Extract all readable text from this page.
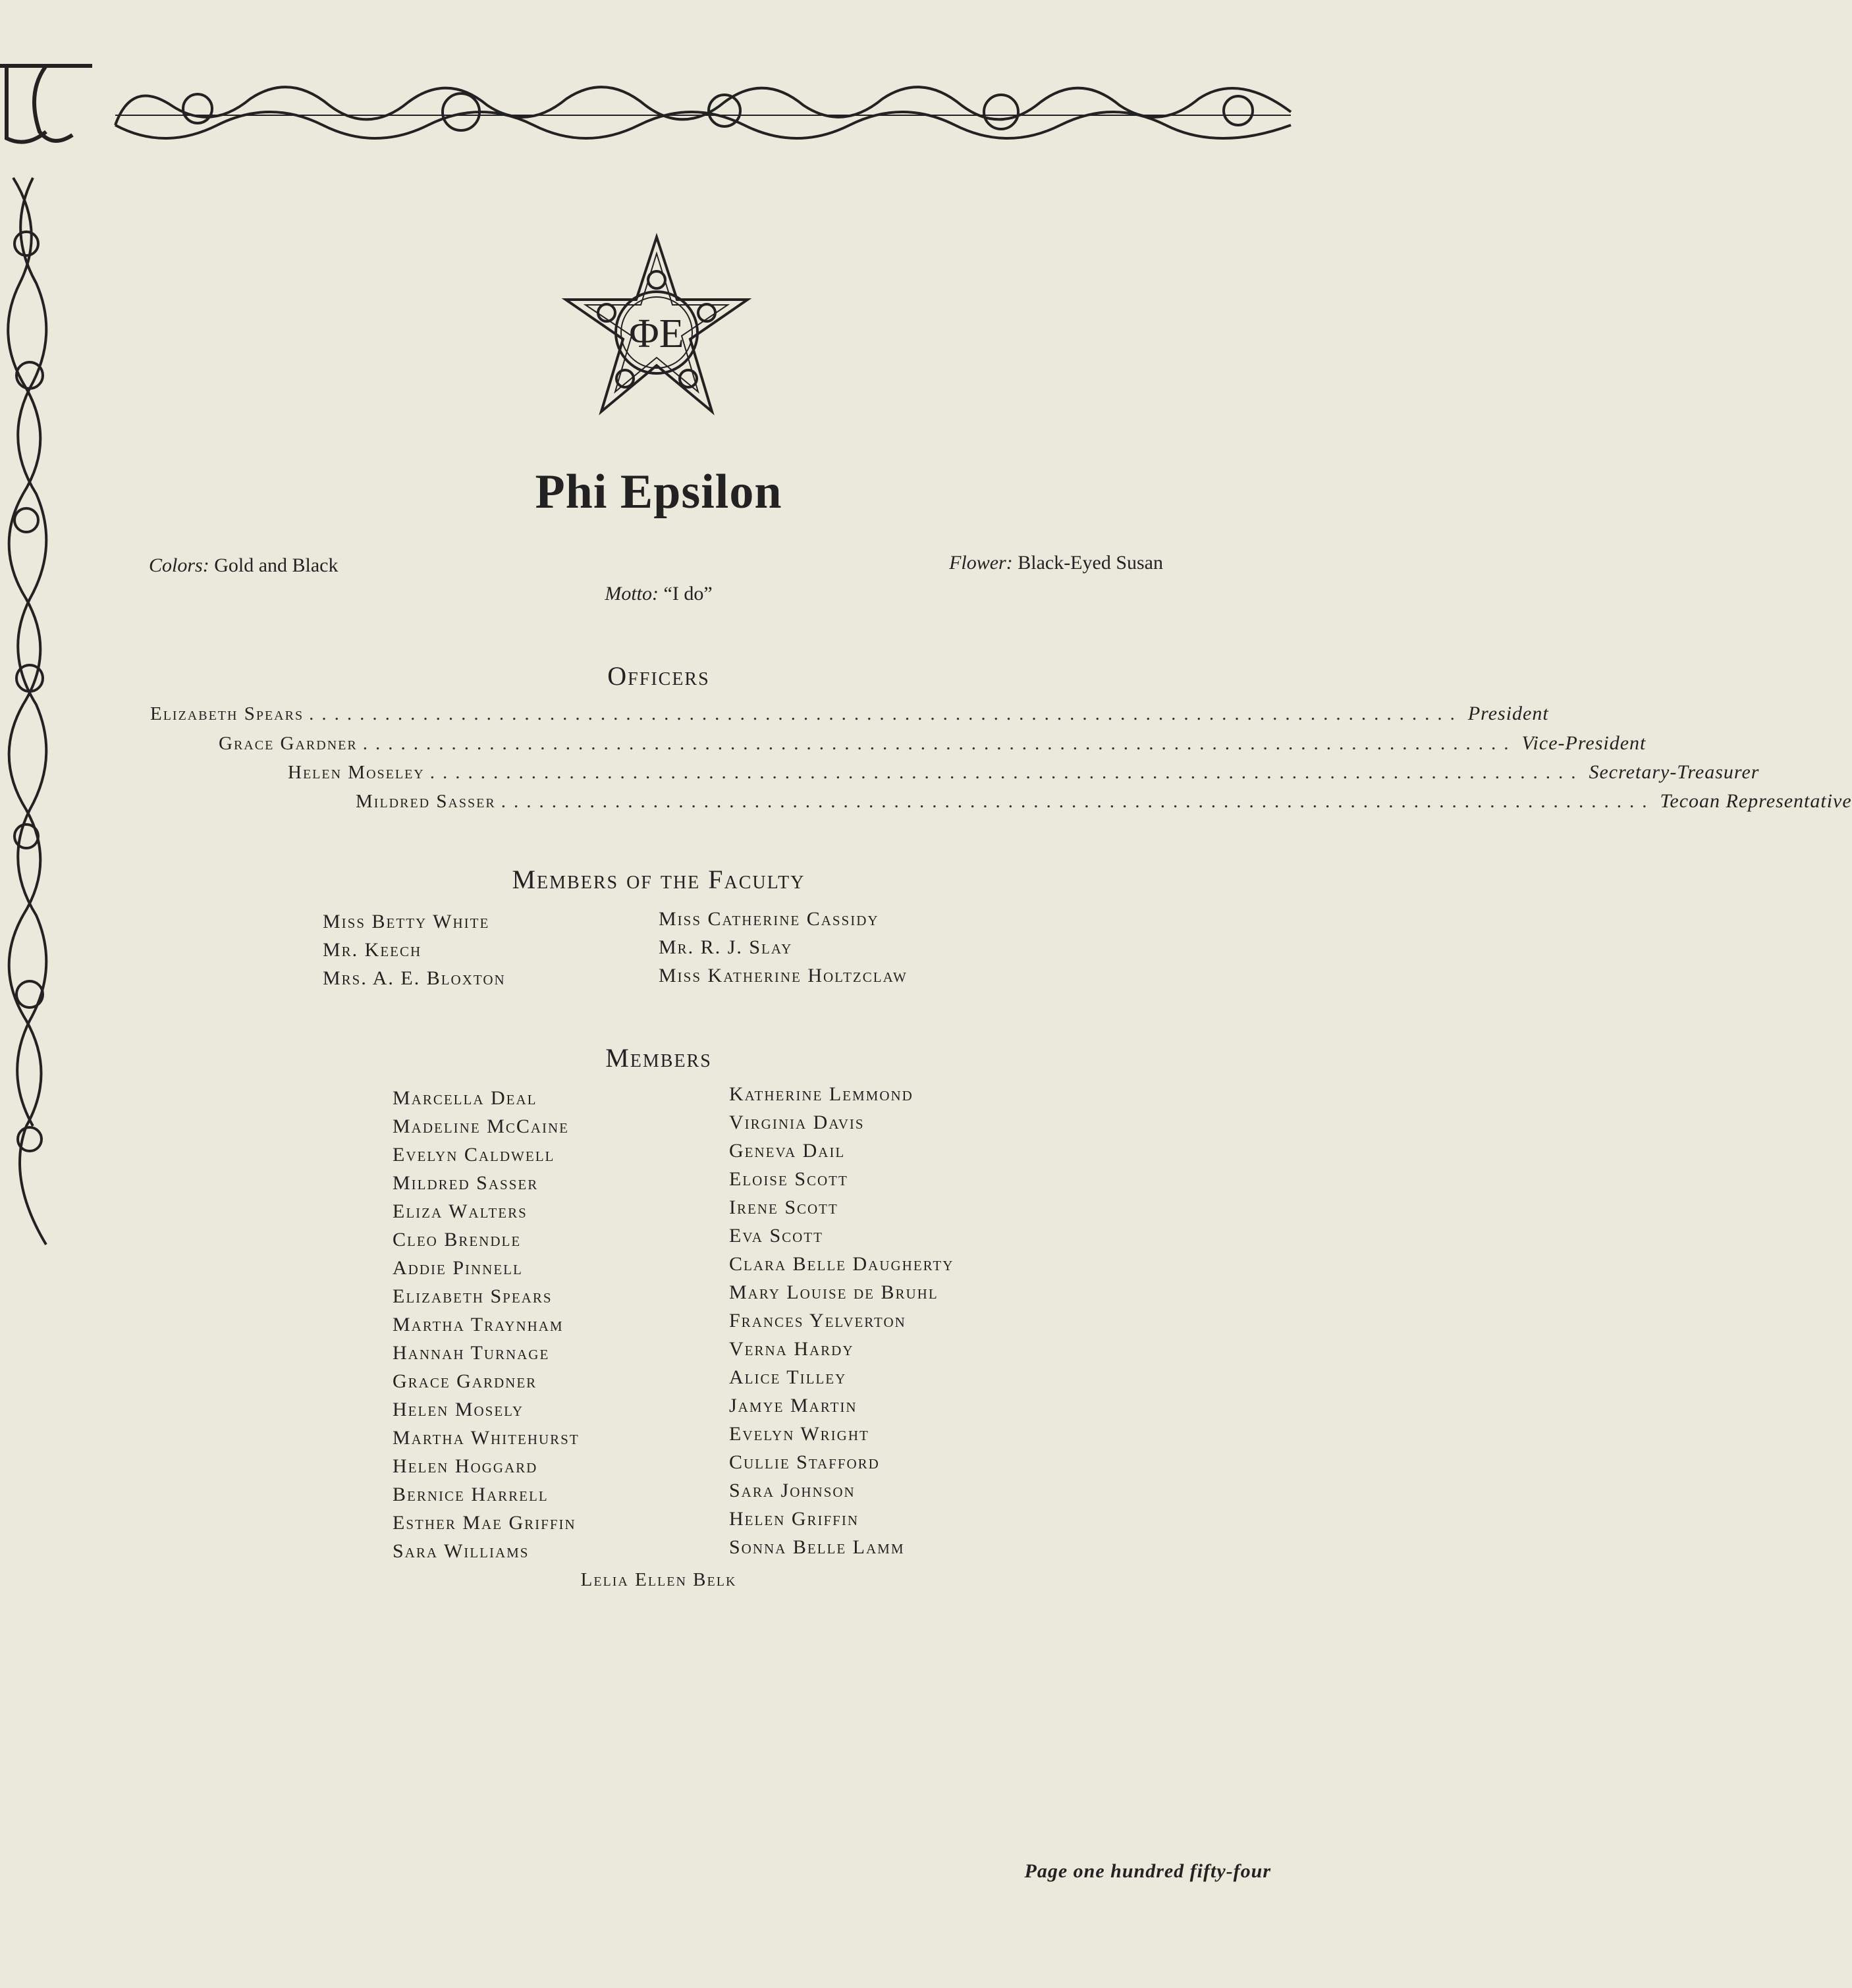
ΦE
Phi Epsilon
Colors: Gold and Black	Flower: Black-Eyed Susan
Motto: “I do”
Officers
Elizabeth Spears ........................................................................................... President
Grace Gardner ........................................................................................... Vice-President
Helen Moseley ........................................................................................... Secretary-Treasurer
Mildred Sasser ........................................................................................... Tecoan Representative
Members of the Faculty
Miss Betty White
Mr. Keech
Mrs. A. E. Bloxton
Miss Catherine Cassidy
Mr. R. J. Slay
Miss Katherine Holtzclaw
Members
Marcella Deal
Madeline McCaine
Evelyn Caldwell
Mildred Sasser
Eliza Walters
Cleo Brendle
Addie Pinnell
Elizabeth Spears
Martha Traynham
Hannah Turnage
Grace Gardner
Helen Mosely
Martha Whitehurst
Helen Hoggard
Bernice Harrell
Esther Mae Griffin
Sara Williams
Katherine Lemmond
Virginia Davis
Geneva Dail
Eloise Scott
Irene Scott
Eva Scott
Clara Belle Daugherty
Mary Louise de Bruhl
Frances Yelverton
Verna Hardy
Alice Tilley
Jamye Martin
Evelyn Wright
Cullie Stafford
Sara Johnson
Helen Griffin
Sonna Belle Lamm
Lelia Ellen Belk
Page one hundred fifty-four
